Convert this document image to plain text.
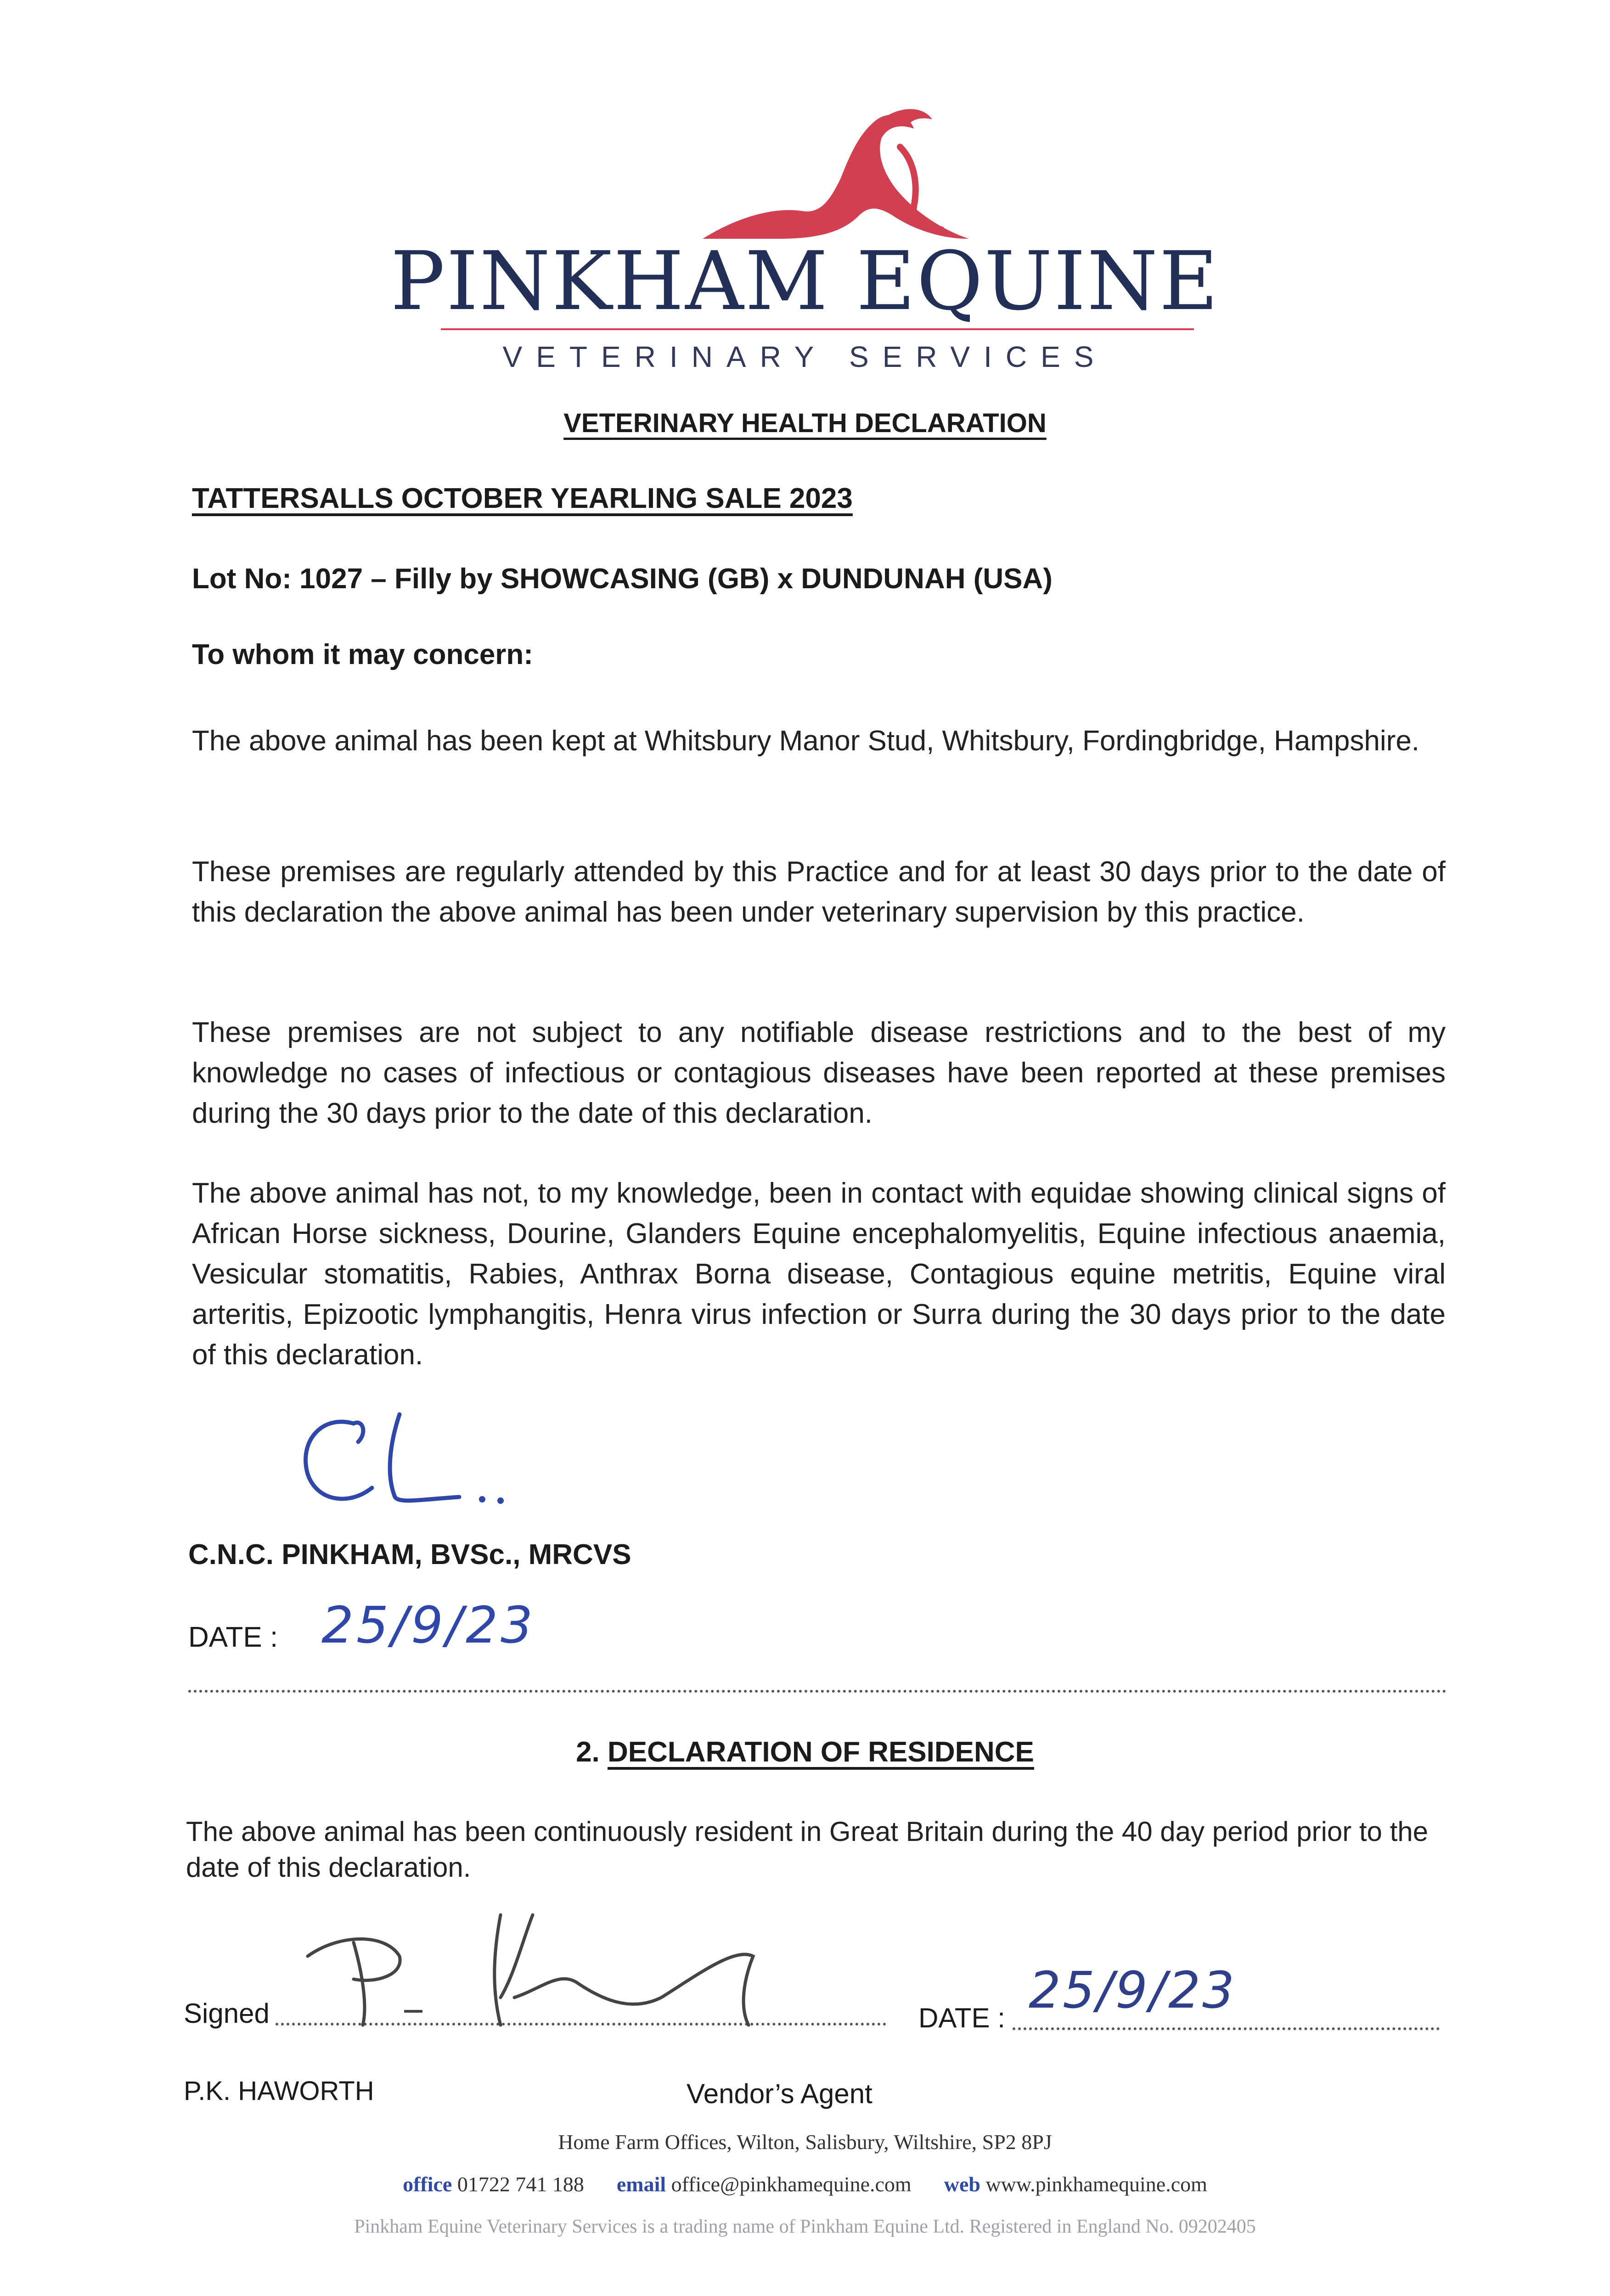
PINKHAM EQUINE
VETERINARY SERVICES
VETERINARY HEALTH DECLARATION
TATTERSALLS OCTOBER YEARLING SALE 2023
Lot No: 1027 – Filly by SHOWCASING (GB) x DUNDUNAH (USA)
To whom it may concern:
The above animal has been kept at Whitsbury Manor Stud, Whitsbury, Fordingbridge, Hampshire.
These premises are regularly attended by this Practice and for at least 30 days prior to the date of this declaration the above animal has been under veterinary supervision by this practice.
These premises are not subject to any notifiable disease restrictions and to the best of my knowledge no cases of infectious or contagious diseases have been reported at these premises during the 30 days prior to the date of this declaration.
The above animal has not, to my knowledge, been in contact with equidae showing clinical signs of African Horse sickness, Dourine, Glanders Equine encephalomyelitis, Equine infectious anaemia, Vesicular stomatitis, Rabies, Anthrax Borna disease, Contagious equine metritis, Equine viral arteritis, Epizootic lymphangitis, Henra virus infection or Surra during the 30 days prior to the date of this declaration.
C.N.C. PINKHAM, BVSc., MRCVS
DATE : 25/9/23
2. DECLARATION OF RESIDENCE
The above animal has been continuously resident in Great Britain during the 40 day period prior to the date of this declaration.
Signed	DATE : 25/9/23
P.K. HAWORTH	Vendor’s Agent
Home Farm Offices, Wilton, Salisbury, Wiltshire, SP2 8PJ
office 01722 741 188 email office@pinkhamequine.com web www.pinkhamequine.com
Pinkham Equine Veterinary Services is a trading name of Pinkham Equine Ltd. Registered in England No. 09202405
